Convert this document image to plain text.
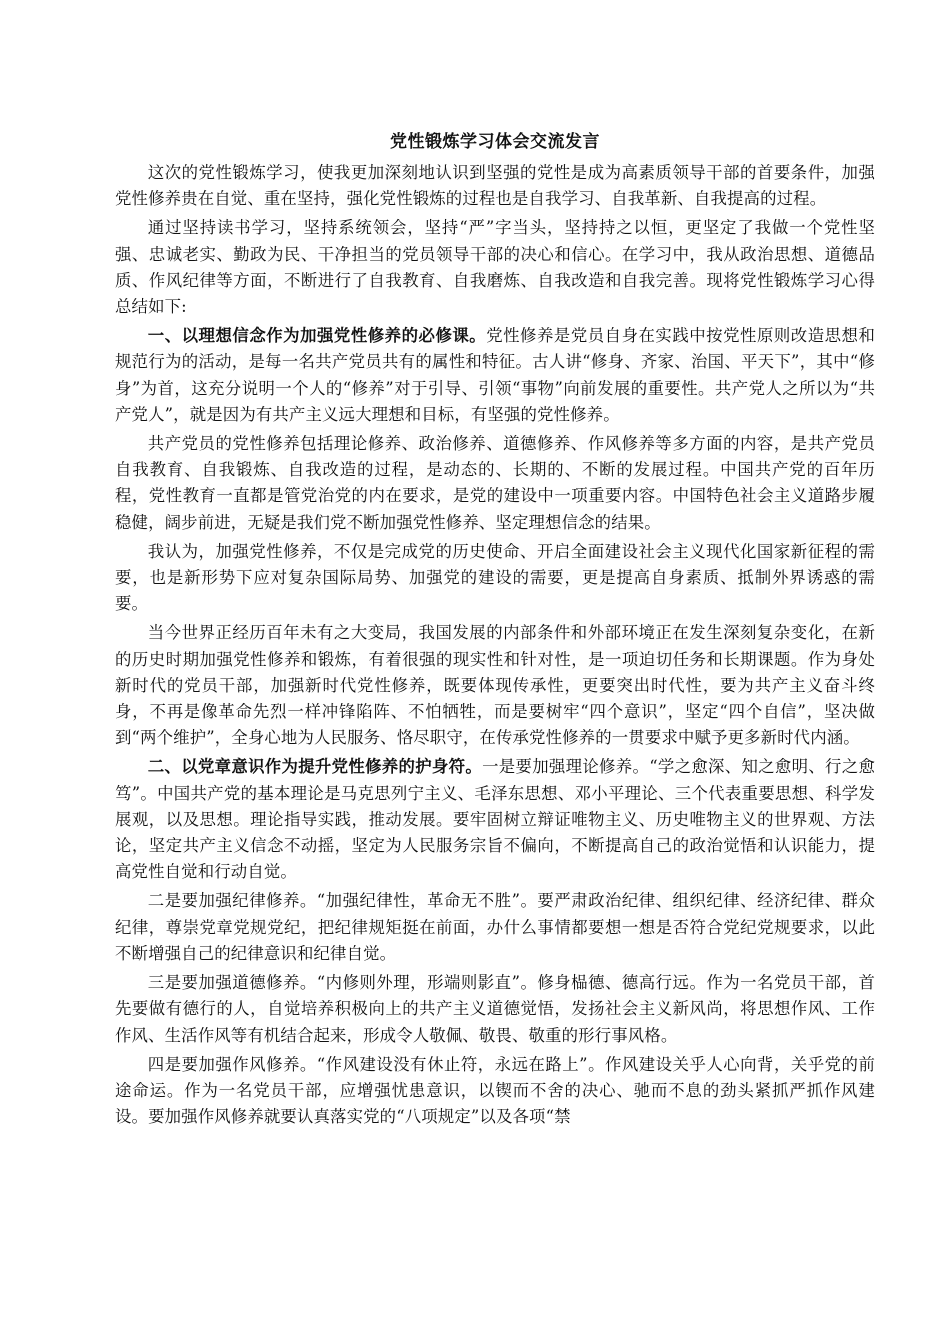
党性锻炼学习体会交流发言

这次的党性锻炼学习，使我更加深刻地认识到坚强的党性是成为高素质领导干部的首要条件，加强党性修养贵在自觉、重在坚持，强化党性锻炼的过程也是自我学习、自我革新、自我提高的过程。

通过坚持读书学习，坚持系统领会，坚持“严”字当头，坚持持之以恒，更坚定了我做一个党性坚强、忠诚老实、勤政为民、干净担当的党员领导干部的决心和信心。在学习中，我从政治思想、道德品质、作风纪律等方面，不断进行了自我教育、自我磨炼、自我改造和自我完善。现将党性锻炼学习心得总结如下:

一、以理想信念作为加强党性修养的必修课。党性修养是党员自身在实践中按党性原则改造思想和规范行为的活动，是每一名共产党员共有的属性和特征。古人讲“修身、齐家、治国、平天下”，其中“修身”为首，这充分说明一个人的“修养”对于引导、引领“事物”向前发展的重要性。共产党人之所以为“共产党人”，就是因为有共产主义远大理想和目标，有坚强的党性修养。

共产党员的党性修养包括理论修养、政治修养、道德修养、作风修养等多方面的内容，是共产党员自我教育、自我锻炼、自我改造的过程，是动态的、长期的、不断的发展过程。中国共产党的百年历程，党性教育一直都是管党治党的内在要求，是党的建设中一项重要内容。中国特色社会主义道路步履稳健，阔步前进，无疑是我们党不断加强党性修养、坚定理想信念的结果。

我认为，加强党性修养，不仅是完成党的历史使命、开启全面建设社会主义现代化国家新征程的需要，也是新形势下应对复杂国际局势、加强党的建设的需要，更是提高自身素质、抵制外界诱惑的需要。

当今世界正经历百年未有之大变局，我国发展的内部条件和外部环境正在发生深刻复杂变化，在新的历史时期加强党性修养和锻炼，有着很强的现实性和针对性，是一项迫切任务和长期课题。作为身处新时代的党员干部，加强新时代党性修养，既要体现传承性，更要突出时代性，要为共产主义奋斗终身，不再是像革命先烈一样冲锋陷阵、不怕牺牲，而是要树牢“四个意识”，坚定“四个自信”，坚决做到“两个维护”，全身心地为人民服务、恪尽职守，在传承党性修养的一贯要求中赋予更多新时代内涵。

二、以党章意识作为提升党性修养的护身符。一是要加强理论修养。“学之愈深、知之愈明、行之愈笃”。中国共产党的基本理论是马克思列宁主义、毛泽东思想、邓小平理论、三个代表重要思想、科学发展观，以及思想。理论指导实践，推动发展。要牢固树立辩证唯物主义、历史唯物主义的世界观、方法论，坚定共产主义信念不动摇，坚定为人民服务宗旨不偏向，不断提高自己的政治觉悟和认识能力，提高党性自觉和行动自觉。

二是要加强纪律修养。“加强纪律性，革命无不胜”。要严肃政治纪律、组织纪律、经济纪律、群众纪律，尊崇党章党规党纪，把纪律规矩挺在前面，办什么事情都要想一想是否符合党纪党规要求，以此不断增强自己的纪律意识和纪律自觉。

三是要加强道德修养。“内修则外理，形端则影直”。修身榀德、德高行远。作为一名党员干部，首先要做有德行的人，自觉培养积极向上的共产主义道德觉悟，发扬社会主义新风尚，将思想作风、工作作风、生活作风等有机结合起来，形成令人敬佩、敬畏、敬重的形行事风格。

四是要加强作风修养。“作风建设没有休止符，永远在路上”。作风建设关乎人心向背，关乎党的前途命运。作为一名党员干部，应增强忧患意识，以锲而不舍的决心、驰而不息的劲头紧抓严抓作风建设。要加强作风修养就要认真落实党的“八项规定”以及各项“禁
